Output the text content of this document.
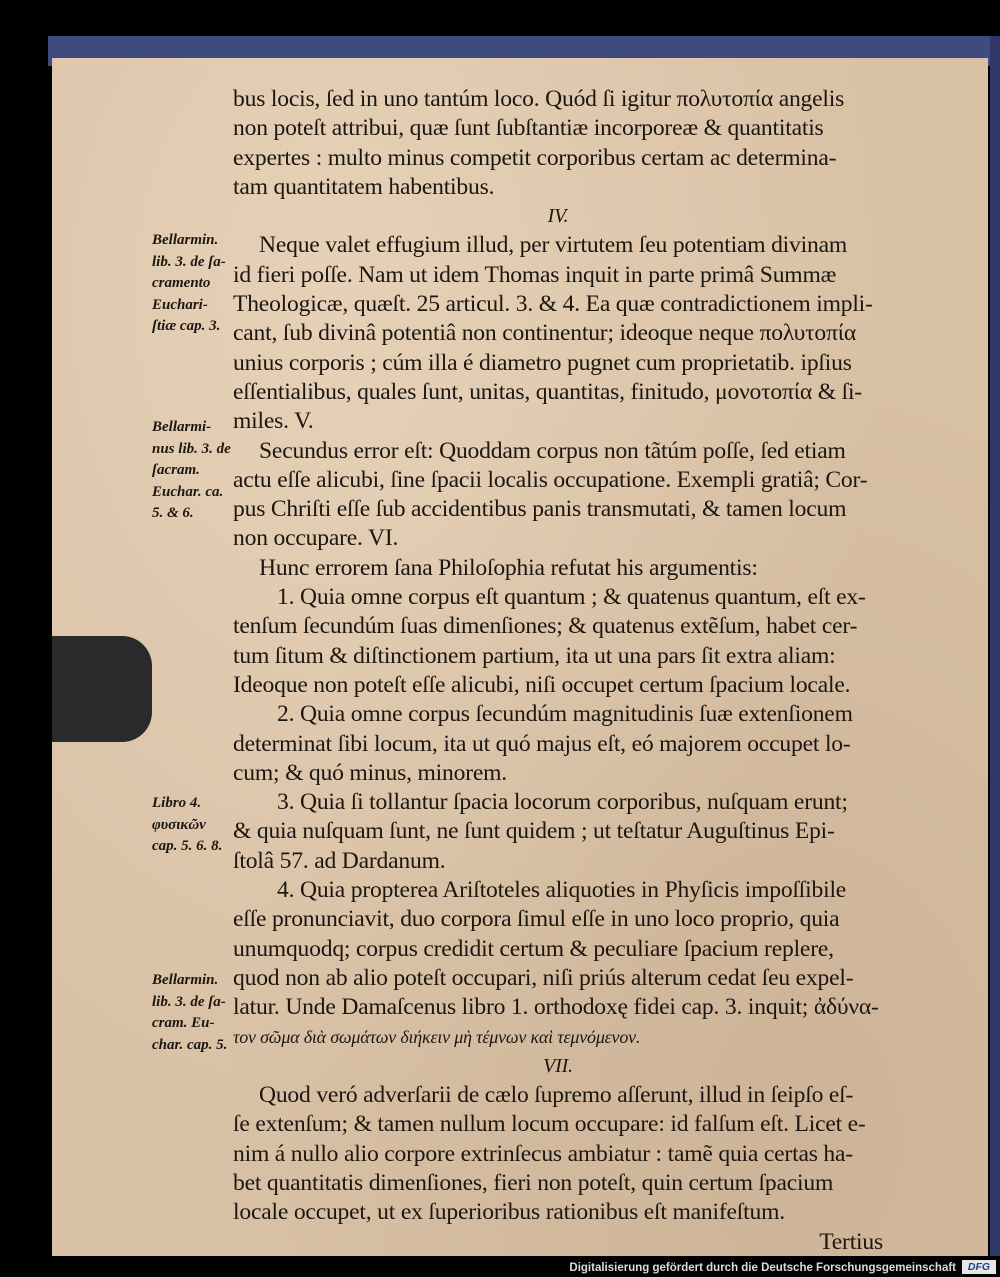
bus locis, ſed in uno tantúm loco. Quód ſi igitur πολυτοπία angelis
non poteſt attribui, quæ ſunt ſubſtantiæ incorporeæ & quantitatis
expertes : multo minus competit corporibus certam ac determina-
tam quantitatem habentibus.
IV.
Neque valet effugium illud, per virtutem ſeu potentiam divinam
id fieri poſſe. Nam ut idem Thomas inquit in parte primâ Summæ
Theologicæ, quæſt. 25 articul. 3. & 4. Ea quæ contradictionem impli-
cant, ſub divinâ potentiâ non continentur; ideoque neque πολυτοπία
unius corporis ; cúm illa é diametro pugnet cum proprietatib. ipſius
eſſentialibus, quales ſunt, unitas, quantitas, finitudo, μονοτοπία & ſi-
miles. V.
Secundus error eſt: Quoddam corpus non tãtúm poſſe, ſed etiam
actu eſſe alicubi, ſine ſpacii localis occupatione. Exempli gratiâ; Cor-
pus Chriſti eſſe ſub accidentibus panis transmutati, & tamen locum
non occupare. VI.
Hunc errorem ſana Philoſophia refutat his argumentis:
1. Quia omne corpus eſt quantum ; & quatenus quantum, eſt ex-
tenſum ſecundúm ſuas dimenſiones; & quatenus extẽſum, habet cer-
tum ſitum & diſtinctionem partium, ita ut una pars ſit extra aliam:
Ideoque non poteſt eſſe alicubi, niſi occupet certum ſpacium locale.
2. Quia omne corpus ſecundúm magnitudinis ſuæ extenſionem
determinat ſibi locum, ita ut quó majus eſt, eó majorem occupet lo-
cum; & quó minus, minorem.
3. Quia ſi tollantur ſpacia locorum corporibus, nuſquam erunt;
& quia nuſquam ſunt, ne ſunt quidem ; ut teſtatur Auguſtinus Epi-
ſtolâ 57. ad Dardanum.
4. Quia propterea Ariſtoteles aliquoties in Phyſicis impoſſibile
eſſe pronunciavit, duo corpora ſimul eſſe in uno loco proprio, quia
unumquodq; corpus credidit certum & peculiare ſpacium replere,
quod non ab alio poteſt occupari, niſi priús alterum cedat ſeu expel-
latur. Unde Damaſcenus libro 1. orthodoxę fidei cap. 3. inquit; ἀδύνα-
τον σῶμα διὰ σωμάτων διήκειν μὴ τέμνων καὶ τεμνόμενον.
VII.
Quod veró adverſarii de cælo ſupremo aſſerunt, illud in ſeipſo eſ-
ſe extenſum; & tamen nullum locum occupare: id falſum eſt. Licet e-
nim á nullo alio corpore extrinſecus ambiatur : tamẽ quia certas ha-
bet quantitatis dimenſiones, fieri non poteſt, quin certum ſpacium
locale occupet, ut ex ſuperioribus rationibus eſt manifeſtum.
Tertius
Bellarmin.
lib. 3. de ſa-
cramento
Euchari-
ſtiæ cap. 3.
Bellarmi-
nus lib. 3. de
ſacram.
Euchar. ca.
5. & 6.
Libro 4.
φυσικῶν
cap. 5. 6. 8.
Bellarmin.
lib. 3. de ſa-
cram. Eu-
char. cap. 5.
Digitalisierung gefördert durch die Deutsche Forschungsgemeinschaft	DFG
